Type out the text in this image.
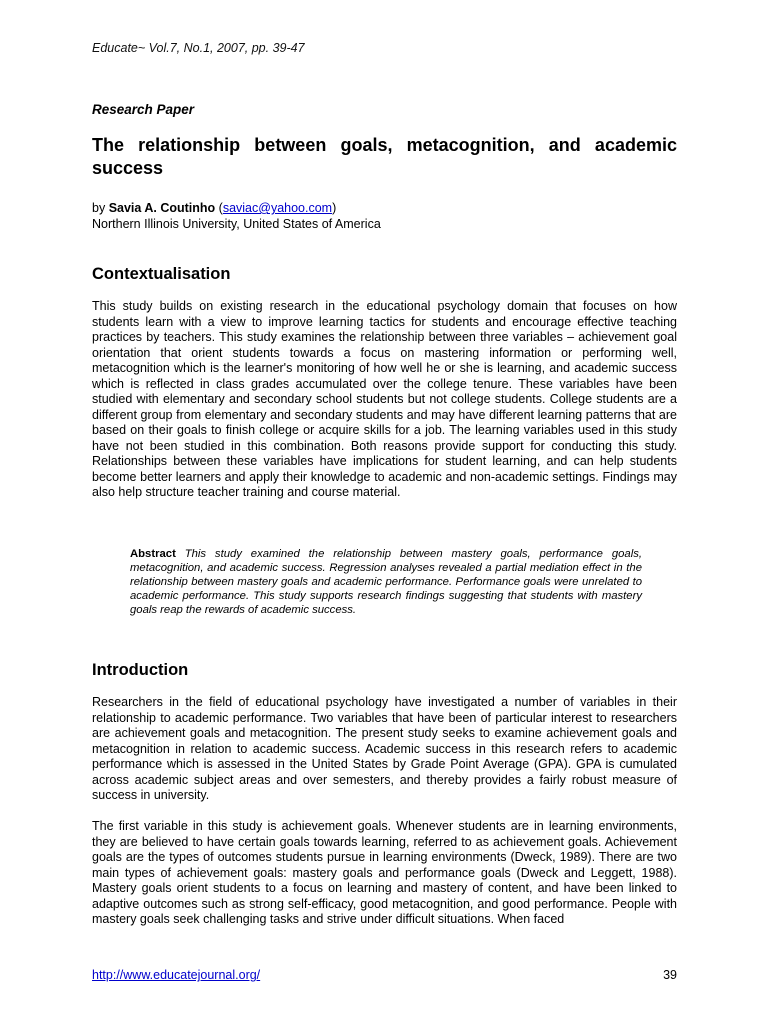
Educate~ Vol.7, No.1, 2007, pp. 39-47
Research Paper
The relationship between goals, metacognition, and academic success
by Savia A. Coutinho (saviac@yahoo.com)
Northern Illinois University, United States of America
Contextualisation

This study builds on existing research in the educational psychology domain that focuses on how students learn with a view to improve learning tactics for students and encourage effective teaching practices by teachers. This study examines the relationship between three variables – achievement goal orientation that orient students towards a focus on mastering information or performing well, metacognition which is the learner's monitoring of how well he or she is learning, and academic success which is reflected in class grades accumulated over the college tenure. These variables have been studied with elementary and secondary school students but not college students. College students are a different group from elementary and secondary students and may have different learning patterns that are based on their goals to finish college or acquire skills for a job. The learning variables used in this study have not been studied in this combination. Both reasons provide support for conducting this study. Relationships between these variables have implications for student learning, and can help students become better learners and apply their knowledge to academic and non-academic settings. Findings may also help structure teacher training and course material.

Abstract This study examined the relationship between mastery goals, performance goals, metacognition, and academic success. Regression analyses revealed a partial mediation effect in the relationship between mastery goals and academic performance. Performance goals were unrelated to academic performance. This study supports research findings suggesting that students with mastery goals reap the rewards of academic success.

Introduction

Researchers in the field of educational psychology have investigated a number of variables in their relationship to academic performance. Two variables that have been of particular interest to researchers are achievement goals and metacognition. The present study seeks to examine achievement goals and metacognition in relation to academic success. Academic success in this research refers to academic performance which is assessed in the United States by Grade Point Average (GPA). GPA is cumulated across academic subject areas and over semesters, and thereby provides a fairly robust measure of success in university.

The first variable in this study is achievement goals. Whenever students are in learning environments, they are believed to have certain goals towards learning, referred to as achievement goals. Achievement goals are the types of outcomes students pursue in learning environments (Dweck, 1989). There are two main types of achievement goals: mastery goals and performance goals (Dweck and Leggett, 1988). Mastery goals orient students to a focus on learning and mastery of content, and have been linked to adaptive outcomes such as strong self-efficacy, good metacognition, and good performance. People with mastery goals seek challenging tasks and strive under difficult situations. When faced

http://www.educatejournal.org/	39
